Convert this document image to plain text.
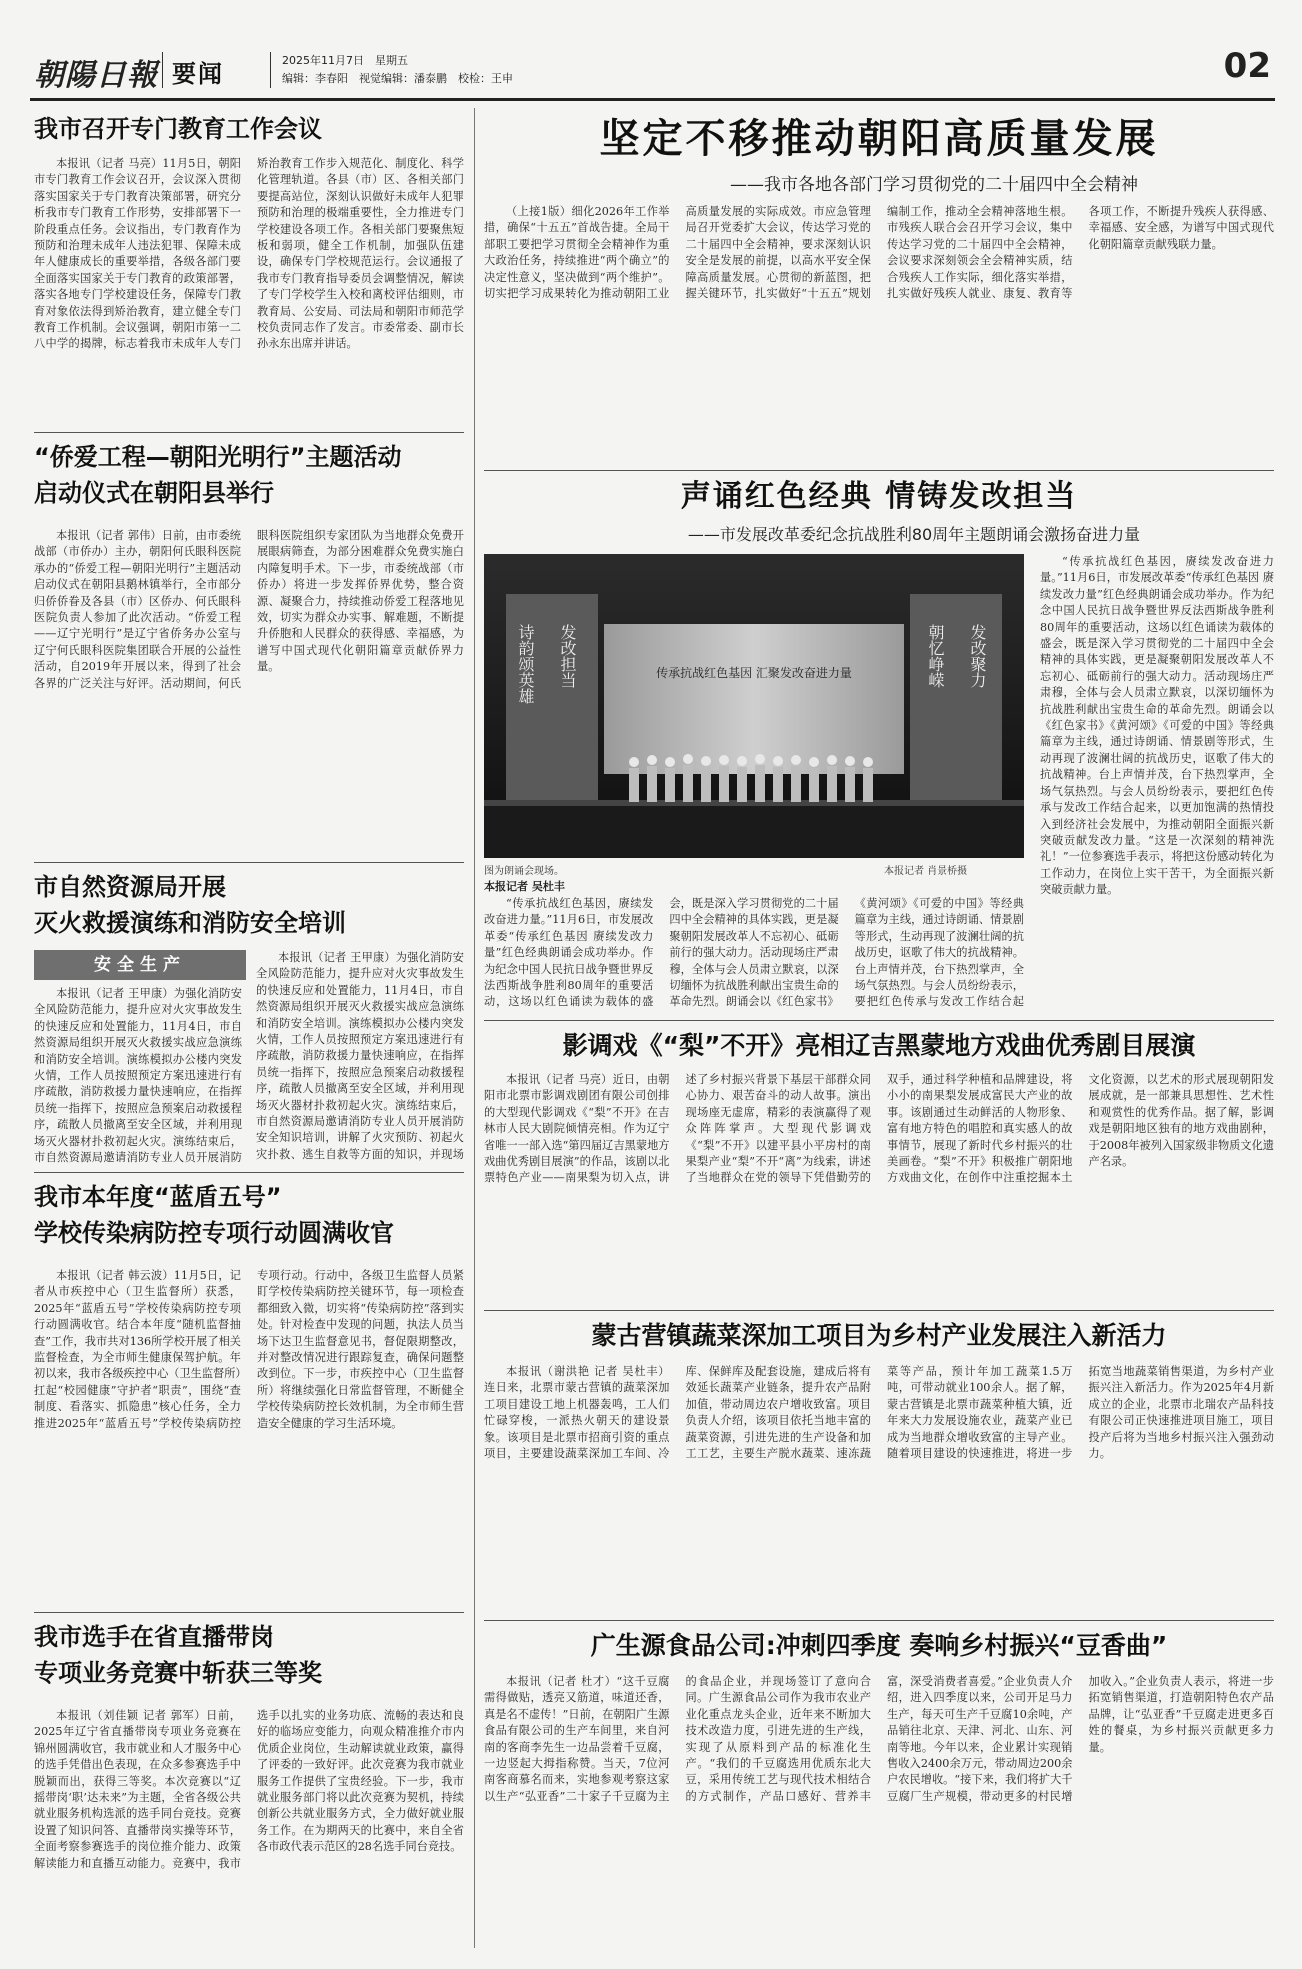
朝陽日報 要闻	2025年11月7日　星期五
编辑：李春阳　视觉编辑：潘泰鹏　校检：王申	02
我市召开专门教育工作会议
本报讯（记者 马亮）11月5日，朝阳市专门教育工作会议召开，会议深入贯彻落实国家关于专门教育决策部署，研究分析我市专门教育工作形势，安排部署下一阶段重点任务。会议指出，专门教育作为预防和治理未成年人违法犯罪、保障未成年人健康成长的重要举措，各级各部门要全面落实国家关于专门教育的政策部署，落实各地专门学校建设任务，保障专门教育对象依法得到矫治教育，建立健全专门教育工作机制。会议强调，朝阳市第一二八中学的揭牌，标志着我市未成年人专门矫治教育工作步入规范化、制度化、科学化管理轨道。各县（市）区、各相关部门要提高站位，深刻认识做好未成年人犯罪预防和治理的极端重要性，全力推进专门学校建设各项工作。各相关部门要聚焦短板和弱项，健全工作机制，加强队伍建设，确保专门学校规范运行。会议通报了我市专门教育指导委员会调整情况，解读了专门学校学生入校和离校评估细则，市教育局、公安局、司法局和朝阳市师范学校负责同志作了发言。市委常委、副市长孙永东出席并讲话。
“侨爱工程—朝阳光明行”主题活动
启动仪式在朝阳县举行
本报讯（记者 郭伟）日前，由市委统战部（市侨办）主办，朝阳何氏眼科医院承办的“侨爱工程—朝阳光明行”主题活动启动仪式在朝阳县鹅林镇举行，全市部分归侨侨眷及各县（市）区侨办、何氏眼科医院负责人参加了此次活动。“侨爱工程——辽宁光明行”是辽宁省侨务办公室与辽宁何氏眼科医院集团联合开展的公益性活动，自2019年开展以来，得到了社会各界的广泛关注与好评。活动期间，何氏眼科医院组织专家团队为当地群众免费开展眼病筛查，为部分困难群众免费实施白内障复明手术。下一步，市委统战部（市侨办）将进一步发挥侨界优势，整合资源、凝聚合力，持续推动侨爱工程落地见效，切实为群众办实事、解难题，不断提升侨胞和人民群众的获得感、幸福感，为谱写中国式现代化朝阳篇章贡献侨界力量。
市自然资源局开展
灭火救援演练和消防安全培训
安全生产
本报讯（记者 王甲康）为强化消防安全风险防范能力，提升应对火灾事故发生的快速反应和处置能力，11月4日，市自然资源局组织开展灭火救援实战应急演练和消防安全培训。演练模拟办公楼内突发火情，工作人员按照预定方案迅速进行有序疏散，消防救援力量快速响应，在指挥员统一指挥下，按照应急预案启动救援程序，疏散人员撤离至安全区域，并利用现场灭火器材扑救初起火灾。演练结束后，市自然资源局邀请消防专业人员开展消防
本报讯（记者 王甲康）为强化消防安全风险防范能力，提升应对火灾事故发生的快速反应和处置能力，11月4日，市自然资源局组织开展灭火救援实战应急演练和消防安全培训。演练模拟办公楼内突发火情，工作人员按照预定方案迅速进行有序疏散，消防救援力量快速响应，在指挥员统一指挥下，按照应急预案启动救援程序，疏散人员撤离至安全区域，并利用现场灭火器材扑救初起火灾。演练结束后，市自然资源局邀请消防专业人员开展消防安全知识培训，讲解了火灾预防、初起火灾扑救、逃生自救等方面的知识，并现场
我市本年度“蓝盾五号”
学校传染病防控专项行动圆满收官
本报讯（记者 韩云波）11月5日，记者从市疾控中心（卫生监督所）获悉，2025年“蓝盾五号”学校传染病防控专项行动圆满收官。结合本年度“随机监督抽查”工作，我市共对136所学校开展了相关监督检查，为全市师生健康保驾护航。年初以来，我市各级疾控中心（卫生监督所）扛起“校园健康”守护者“职责”，围绕“查制度、看落实、抓隐患”核心任务，全力推进2025年“蓝盾五号”学校传染病防控专项行动。行动中，各级卫生监督人员紧盯学校传染病防控关键环节，每一项检查都细致入微，切实将“传染病防控”落到实处。针对检查中发现的问题，执法人员当场下达卫生监督意见书，督促限期整改，并对整改情况进行跟踪复查，确保问题整改到位。下一步，市疾控中心（卫生监督所）将继续强化日常监督管理，不断健全学校传染病防控长效机制，为全市师生营造安全健康的学习生活环境。
我市选手在省直播带岗
专项业务竞赛中斩获三等奖
本报讯（刘佳颖 记者 郭军）日前，2025年辽宁省直播带岗专项业务竞赛在锦州圆满收官，我市就业和人才服务中心的选手凭借出色表现，在众多参赛选手中脱颖而出，获得三等奖。本次竞赛以“辽摇带岗‘职’达未来”为主题，全省各级公共就业服务机构选派的选手同台竞技。竞赛设置了知识问答、直播带岗实操等环节，全面考察参赛选手的岗位推介能力、政策解读能力和直播互动能力。竞赛中，我市选手以扎实的业务功底、流畅的表达和良好的临场应变能力，向观众精准推介市内优质企业岗位，生动解读就业政策，赢得了评委的一致好评。此次竞赛为我市就业服务工作提供了宝贵经验。下一步，我市就业服务部门将以此次竞赛为契机，持续创新公共就业服务方式，全力做好就业服务工作。在为期两天的比赛中，来自全省各市政代表示范区的28名选手同台竞技。
坚定不移推动朝阳高质量发展
——我市各地各部门学习贯彻党的二十届四中全会精神
（上接1版）细化2026年工作举措，确保“十五五”首战告捷。全局干部职工要把学习贯彻全会精神作为重大政治任务，持续推进“两个确立”的决定性意义，坚决做到“两个维护”。切实把学习成果转化为推动朝阳工业高质量发展的实际成效。市应急管理局召开党委扩大会议，传达学习党的二十届四中全会精神，要求深刻认识安全是发展的前提，以高水平安全保障高质量发展。心贯彻的新蓝图，把握关键环节，扎实做好“十五五”规划编制工作，推动全会精神落地生根。市残疾人联合会召开学习会议，集中传达学习党的二十届四中全会精神，会议要求深刻领会全会精神实质，结合残疾人工作实际，细化落实举措，扎实做好残疾人就业、康复、教育等各项工作，不断提升残疾人获得感、幸福感、安全感，为谱写中国式现代化朝阳篇章贡献残联力量。
声诵红色经典 情铸发改担当
——市发展改革委纪念抗战胜利80周年主题朗诵会激扬奋进力量
传承抗战红色基因 汇聚发改奋进力量
诗韵颂英雄 发改担当	朝忆峥嵘 发改聚力
图为朗诵会现场。	本报记者 肖景桥摄
本报记者 吴杜丰
“传承抗战红色基因，赓续发改奋进力量。”11月6日，市发展改革委“传承红色基因 赓续发改力量”红色经典朗诵会成功举办。作为纪念中国人民抗日战争暨世界反法西斯战争胜利80周年的重要活动，这场以红色诵读为载体的盛会，既是深入学习贯彻党的二十届四中全会精神的具体实践，更是凝聚朝阳发展改革人不忘初心、砥砺前行的强大动力。活动现场庄严肃穆，全体与会人员肃立默哀，以深切缅怀为抗战胜利献出宝贵生命的革命先烈。朗诵会以《红色家书》《黄河颂》《可爱的中国》等经典篇章为主线，通过诗朗诵、情景剧等形式，生动再现了波澜壮阔的抗战历史，讴歌了伟大的抗战精神。台上声情并茂，台下热烈掌声，全场气氛热烈。与会人员纷纷表示，要把红色传承与发改工作结合起
“传承抗战红色基因，赓续发改奋进力量。”11月6日，市发展改革委“传承红色基因 赓续发改力量”红色经典朗诵会成功举办。作为纪念中国人民抗日战争暨世界反法西斯战争胜利80周年的重要活动，这场以红色诵读为载体的盛会，既是深入学习贯彻党的二十届四中全会精神的具体实践，更是凝聚朝阳发展改革人不忘初心、砥砺前行的强大动力。活动现场庄严肃穆，全体与会人员肃立默哀，以深切缅怀为抗战胜利献出宝贵生命的革命先烈。朗诵会以《红色家书》《黄河颂》《可爱的中国》等经典篇章为主线，通过诗朗诵、情景剧等形式，生动再现了波澜壮阔的抗战历史，讴歌了伟大的抗战精神。台上声情并茂，台下热烈掌声，全场气氛热烈。与会人员纷纷表示，要把红色传承与发改工作结合起来，以更加饱满的热情投入到经济社会发展中，为推动朝阳全面振兴新突破贡献发改力量。“这是一次深刻的精神洗礼！”一位参赛选手表示，将把这份感动转化为工作动力，在岗位上实干苦干，为全面振兴新突破贡献力量。
影调戏《“梨”不开》亮相辽吉黑蒙地方戏曲优秀剧目展演
本报讯（记者 马亮）近日，由朝阳市北票市影调戏剧团有限公司创排的大型现代影调戏《“梨”不开》在吉林市人民大剧院倾情亮相。作为辽宁省唯一一部入选“第四届辽吉黑蒙地方戏曲优秀剧目展演”的作品，该剧以北票特色产业——南果梨为切入点，讲述了乡村振兴背景下基层干部群众同心协力、艰苦奋斗的动人故事。演出现场座无虚席，精彩的表演赢得了观众阵阵掌声。大型现代影调戏《“梨”不开》以建平县小平房村的南果梨产业“梨”不开“离”为线索，讲述了当地群众在党的领导下凭借勤劳的双手，通过科学种植和品牌建设，将小小的南果梨发展成富民大产业的故事。该剧通过生动鲜活的人物形象、富有地方特色的唱腔和真实感人的故事情节，展现了新时代乡村振兴的壮美画卷。“梨”不开》积极推广朝阳地方戏曲文化，在创作中注重挖掘本土文化资源，以艺术的形式展现朝阳发展成就，是一部兼具思想性、艺术性和观赏性的优秀作品。据了解，影调戏是朝阳地区独有的地方戏曲剧种，于2008年被列入国家级非物质文化遗产名录。
蒙古营镇蔬菜深加工项目为乡村产业发展注入新活力
本报讯（谢洪艳 记者 吴杜丰）连日来，北票市蒙古营镇的蔬菜深加工项目建设工地上机器轰鸣，工人们忙碌穿梭，一派热火朝天的建设景象。该项目是北票市招商引资的重点项目，主要建设蔬菜深加工车间、冷库、保鲜库及配套设施，建成后将有效延长蔬菜产业链条，提升农产品附加值，带动周边农户增收致富。项目负责人介绍，该项目依托当地丰富的蔬菜资源，引进先进的生产设备和加工工艺，主要生产脱水蔬菜、速冻蔬菜等产品，预计年加工蔬菜1.5万吨，可带动就业100余人。据了解，蒙古营镇是北票市蔬菜种植大镇，近年来大力发展设施农业，蔬菜产业已成为当地群众增收致富的主导产业。随着项目建设的快速推进，将进一步拓宽当地蔬菜销售渠道，为乡村产业振兴注入新活力。作为2025年4月新成立的企业，北票市北瑞农产品科技有限公司正快速推进项目施工，项目投产后将为当地乡村振兴注入强劲动力。
广生源食品公司:冲刺四季度 奏响乡村振兴“豆香曲”
本报讯（记者 杜才）“这千豆腐需得做贴，透亮又筋道，味道还香，真是名不虚传！”日前，在朝阳广生源食品有限公司的生产车间里，来自河南的客商李先生一边品尝着千豆腐，一边竖起大拇指称赞。当天，7位河南客商慕名而来，实地参观考察这家以生产“弘亚香”二十家子千豆腐为主的食品企业，并现场签订了意向合同。广生源食品公司作为我市农业产业化重点龙头企业，近年来不断加大技术改造力度，引进先进的生产线，实现了从原料到产品的标准化生产。“我们的千豆腐选用优质东北大豆，采用传统工艺与现代技术相结合的方式制作，产品口感好、营养丰富，深受消费者喜爱。”企业负责人介绍，进入四季度以来，公司开足马力生产，每天可生产千豆腐10余吨，产品销往北京、天津、河北、山东、河南等地。今年以来，企业累计实现销售收入2400余万元，带动周边200余户农民增收。“接下来，我们将扩大千豆腐厂生产规模，带动更多的村民增加收入。”企业负责人表示，将进一步拓宽销售渠道，打造朝阳特色农产品品牌，让“弘亚香”千豆腐走进更多百姓的餐桌，为乡村振兴贡献更多力量。
